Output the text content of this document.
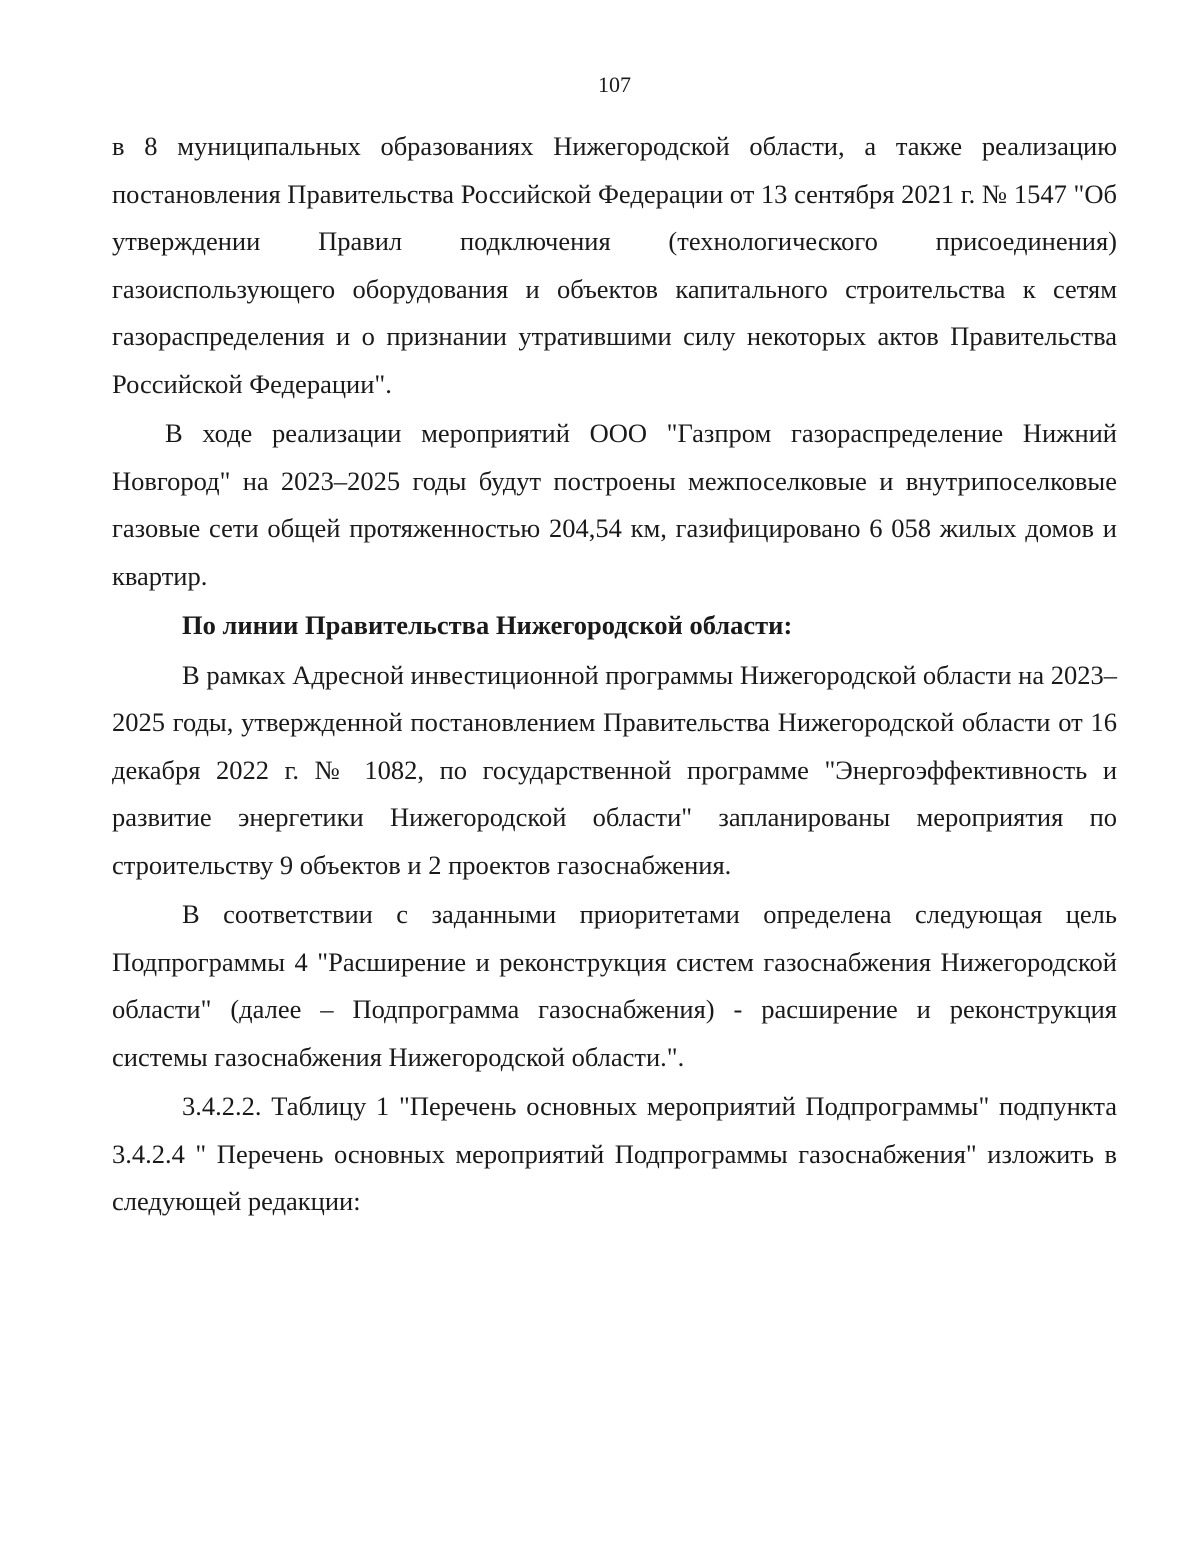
107

в 8 муниципальных образованиях Нижегородской области, а также реализацию постановления Правительства Российской Федерации от 13 сентября 2021 г. № 1547 "Об утверждении Правил подключения (технологического присоединения) газоиспользующего оборудования и объектов капитального строительства к сетям газораспределения и о признании утратившими силу некоторых актов Правительства Российской Федерации".

В ходе реализации мероприятий ООО "Газпром газораспределение Нижний Новгород" на 2023–2025 годы будут построены межпоселковые и внутрипоселковые газовые сети общей протяженностью 204,54 км, газифицировано 6 058 жилых домов и квартир.

По линии Правительства Нижегородской области:

В рамках Адресной инвестиционной программы Нижегородской области на 2023–2025 годы, утвержденной постановлением Правительства Нижегородской области от 16 декабря 2022 г. № 1082, по государственной программе "Энергоэффективность и развитие энергетики Нижегородской области" запланированы мероприятия по строительству 9 объектов и 2 проектов газоснабжения.

В соответствии с заданными приоритетами определена следующая цель Подпрограммы 4 "Расширение и реконструкция систем газоснабжения Нижегородской области" (далее – Подпрограмма газоснабжения) - расширение и реконструкция системы газоснабжения Нижегородской области.".

3.4.2.2. Таблицу 1 "Перечень основных мероприятий Подпрограммы" подпункта 3.4.2.4 " Перечень основных мероприятий Подпрограммы газоснабжения" изложить в следующей редакции:
